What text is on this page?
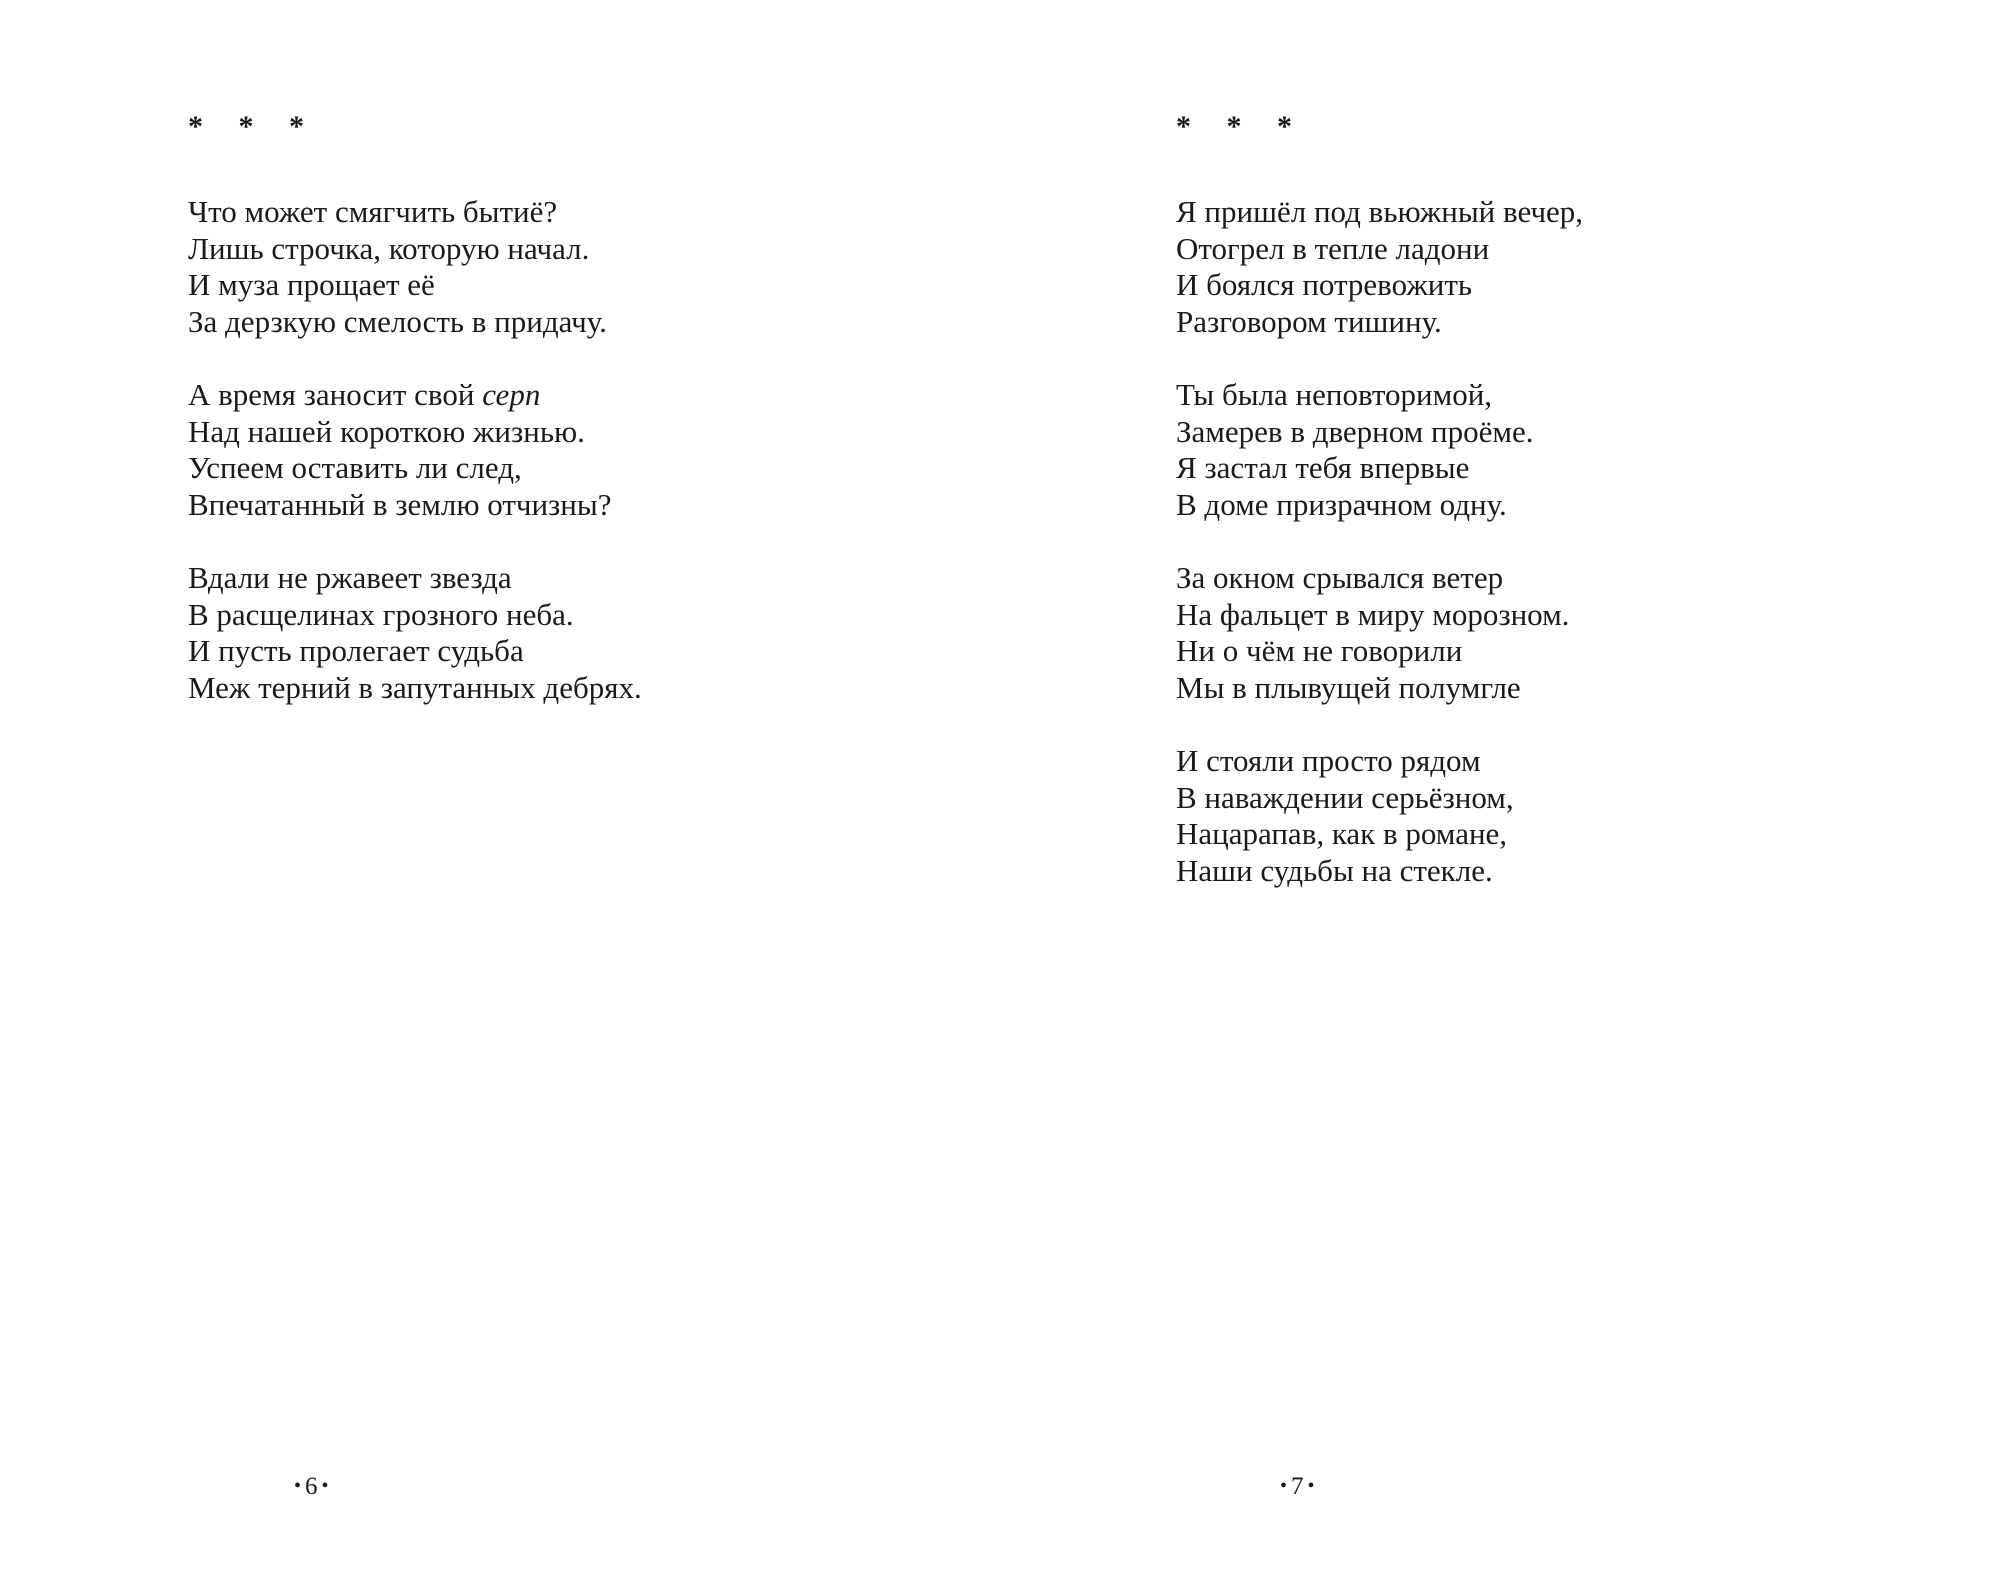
* * *
Что может смягчить бытиё?
Лишь строчка, которую начал.
И муза прощает её
За дерзкую смелость в придачу.
А время заносит свой серп
Над нашей короткою жизнью.
Успеем оставить ли след,
Впечатанный в землю отчизны?
Вдали не ржавеет звезда
В расщелинах грозного неба.
И пусть пролегает судьба
Меж терний в запутанных дебрях.
• 6 •
* * *
Я пришёл под вьюжный вечер,
Отогрел в тепле ладони
И боялся потревожить
Разговором тишину.
Ты была неповторимой,
Замерев в дверном проёме.
Я застал тебя впервые
В доме призрачном одну.
За окном срывался ветер
На фальцет в миру морозном.
Ни о чём не говорили
Мы в плывущей полумгле
И стояли просто рядом
В наваждении серьёзном,
Нацарапав, как в романе,
Наши судьбы на стекле.
• 7 •
